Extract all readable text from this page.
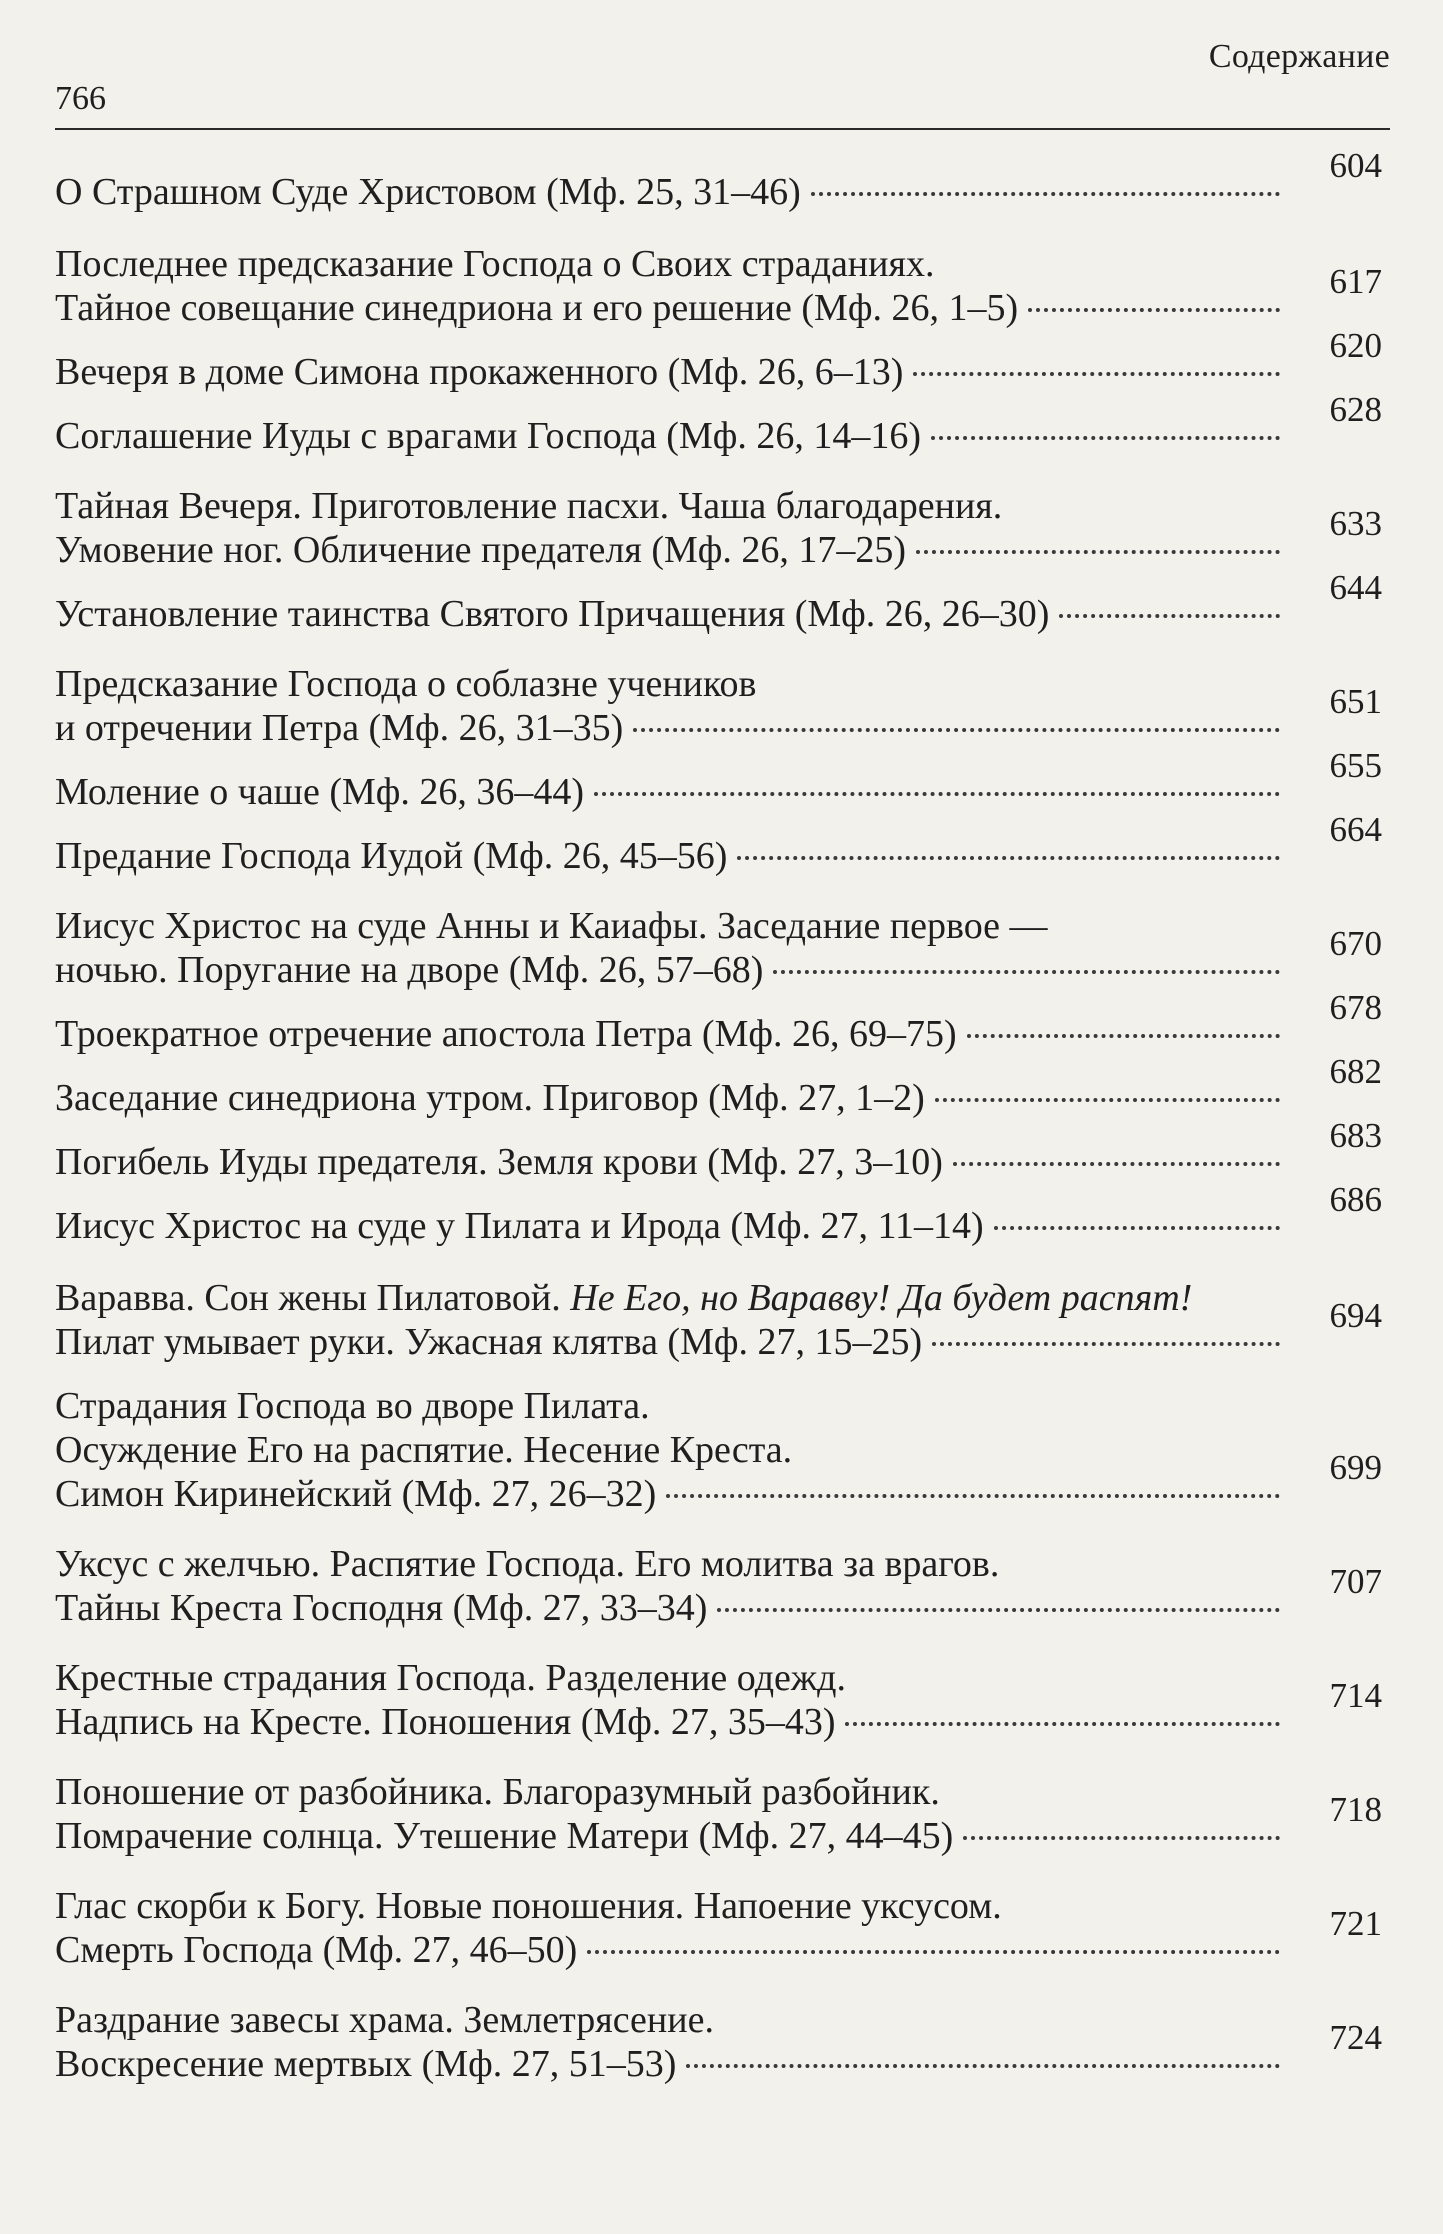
Содержание
766
О Страшном Суде Христовом (Мф. 25, 31–46)
604
Последнее предсказание Господа о Своих страданиях.
Тайное совещание синедриона и его решение (Мф. 26, 1–5)
617
Вечеря в доме Симона прокаженного (Мф. 26, 6–13)
620
Соглашение Иуды с врагами Господа (Мф. 26, 14–16)
628
Тайная Вечеря. Приготовление пасхи. Чаша благодарения.
Умовение ног. Обличение предателя (Мф. 26, 17–25)
633
Установление таинства Святого Причащения (Мф. 26, 26–30)
644
Предсказание Господа о соблазне учеников
и отречении Петра (Мф. 26, 31–35)
651
Моление о чаше (Мф. 26, 36–44)
655
Предание Господа Иудой (Мф. 26, 45–56)
664
Иисус Христос на суде Анны и Каиафы. Заседание первое —
ночью. Поругание на дворе (Мф. 26, 57–68)
670
Троекратное отречение апостола Петра (Мф. 26, 69–75)
678
Заседание синедриона утром. Приговор (Мф. 27, 1–2)
682
Погибель Иуды предателя. Земля крови (Мф. 27, 3–10)
683
Иисус Христос на суде у Пилата и Ирода (Мф. 27, 11–14)
686
Варавва. Сон жены Пилатовой. Не Его, но Варавву! Да будет распят!
Пилат умывает руки. Ужасная клятва (Мф. 27, 15–25)
694
Страдания Господа во дворе Пилата.
Осуждение Его на распятие. Несение Креста.
Симон Киринейский (Мф. 27, 26–32)
699
Уксус с желчью. Распятие Господа. Его молитва за врагов.
Тайны Креста Господня (Мф. 27, 33–34)
707
Крестные страдания Господа. Разделение одежд.
Надпись на Кресте. Поношения (Мф. 27, 35–43)
714
Поношение от разбойника. Благоразумный разбойник.
Помрачение солнца. Утешение Матери (Мф. 27, 44–45)
718
Глас скорби к Богу. Новые поношения. Напоение уксусом.
Смерть Господа (Мф. 27, 46–50)
721
Раздрание завесы храма. Землетрясение.
Воскресение мертвых (Мф. 27, 51–53)
724
